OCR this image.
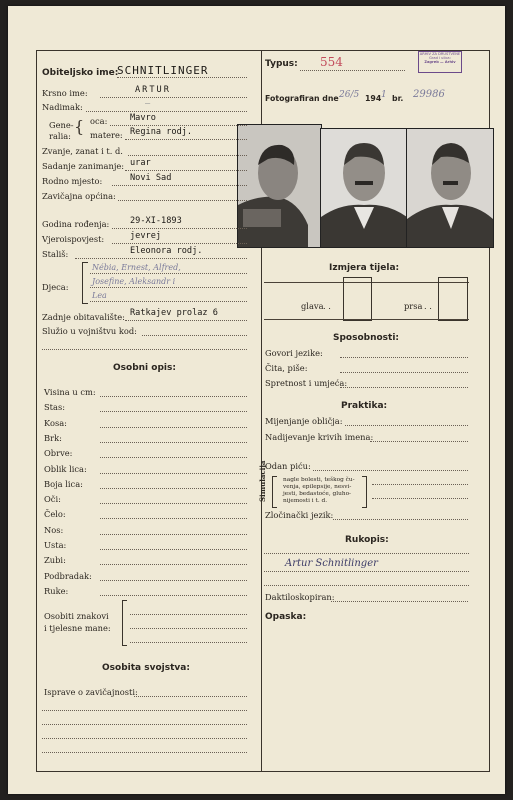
Obiteljsko ime:
SCHNITLINGER	Typus: 554
ARHIV ZA DRUŠTVENE
Grad i ulica:
Zagreb — Arhiv
Fotografiran dne 26/5 194 1 br. 29986
Krsno ime:	ARTUR
Nadimak:	—
Gene-
ralia: { oca:	Mavro
matere: Regina rodj.
Zvanje, zanat i t. d.
Sadanje zanimanje: urar
Rodno mjesto:	Novi Sad
Zavičajna općina:
Godina rođenja: 29-XI-1893
Vjeroispovjest:	jevrej
Stališ:	Eleonora rodj.
Djeca:
Nébia, Ernest, Alfred,
Josefine, Aleksandr i
Lea
Zadnje obitavalište: Ratkajev prolaz 6
Služio u vojništvu kod:
Osobni opis:
Visina u cm:
Stas:
Kosa:
Brk:
Obrve:
Oblik lica:
Boja lica:
Oči:
Čelo:
Nos:
Usta:
Zubi:
Podbradak:
Ruke:
Osobiti znakovi
i tjelesne mane:
Osobita svojstva:
Isprave o zavičajnosti:
Izmjera tijela:
glava . .	prsa . .
Sposobnosti:
Govori jezike:
Čita, piše:
Spretnost i umjeća:
Praktika:
Mijenjanje obličja:
Nadijevanje krivih imena:
Odan piću:
Simulacija	nagle bolesti, teškog ču-
venja, epilepsije, nesvi-
jesti, bedastoće, gluho-
nijemosti i t. d.
Zločinački jezik:
Rukopis:
Artur Schnitlinger
Daktiloskopiran:
Opaska:
